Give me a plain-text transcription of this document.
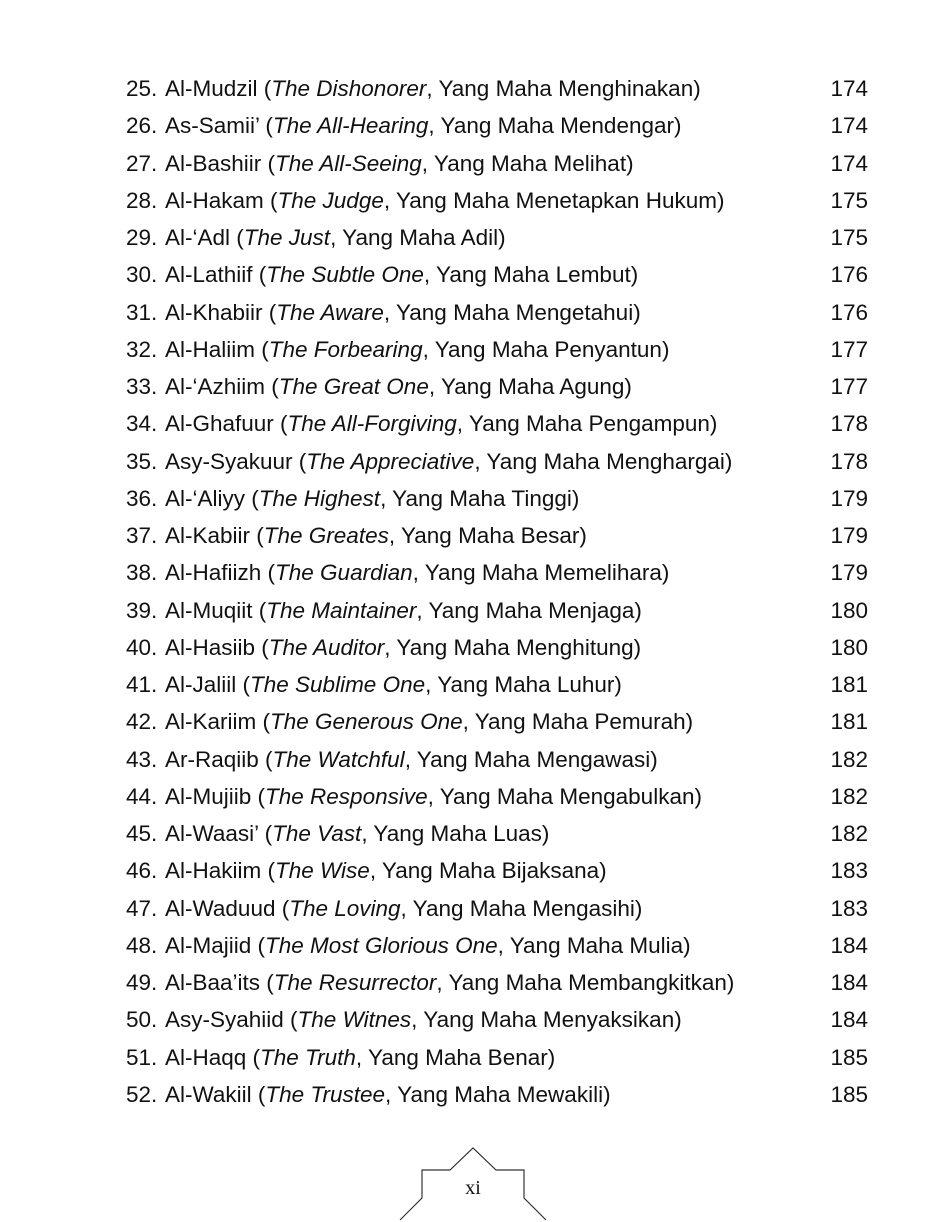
25. Al-Mudzil (The Dishonorer, Yang Maha Menghinakan)	174
26. As-Samii’ (The All-Hearing, Yang Maha Mendengar)	174
27. Al-Bashiir (The All-Seeing, Yang Maha Melihat)	174
28. Al-Hakam (The Judge, Yang Maha Menetapkan Hukum)	175
29. Al-‘Adl (The Just, Yang Maha Adil)	175
30. Al-Lathiif (The Subtle One, Yang Maha Lembut)	176
31. Al-Khabiir (The Aware, Yang Maha Mengetahui)	176
32. Al-Haliim (The Forbearing, Yang Maha Penyantun)	177
33. Al-‘Azhiim (The Great One, Yang Maha Agung)	177
34. Al-Ghafuur (The All-Forgiving, Yang Maha Pengampun)	178
35. Asy-Syakuur (The Appreciative, Yang Maha Menghargai)	178
36. Al-‘Aliyy (The Highest, Yang Maha Tinggi)	179
37. Al-Kabiir (The Greates, Yang Maha Besar)	179
38. Al-Hafiizh (The Guardian, Yang Maha Memelihara)	179
39. Al-Muqiit (The Maintainer, Yang Maha Menjaga)	180
40. Al-Hasiib (The Auditor, Yang Maha Menghitung)	180
41. Al-Jaliil (The Sublime One, Yang Maha Luhur)	181
42. Al-Kariim (The Generous One, Yang Maha Pemurah)	181
43. Ar-Raqiib (The Watchful, Yang Maha Mengawasi)	182
44. Al-Mujiib (The Responsive, Yang Maha Mengabulkan)	182
45. Al-Waasi’ (The Vast, Yang Maha Luas)	182
46. Al-Hakiim (The Wise, Yang Maha Bijaksana)	183
47. Al-Waduud (The Loving, Yang Maha Mengasihi)	183
48. Al-Majiid (The Most Glorious One, Yang Maha Mulia)	184
49. Al-Baa’its (The Resurrector, Yang Maha Membangkitkan)	184
50. Asy-Syahiid (The Witnes, Yang Maha Menyaksikan)	184
51. Al-Haqq (The Truth, Yang Maha Benar)	185
52. Al-Wakiil (The Trustee, Yang Maha Mewakili)	185
xi
